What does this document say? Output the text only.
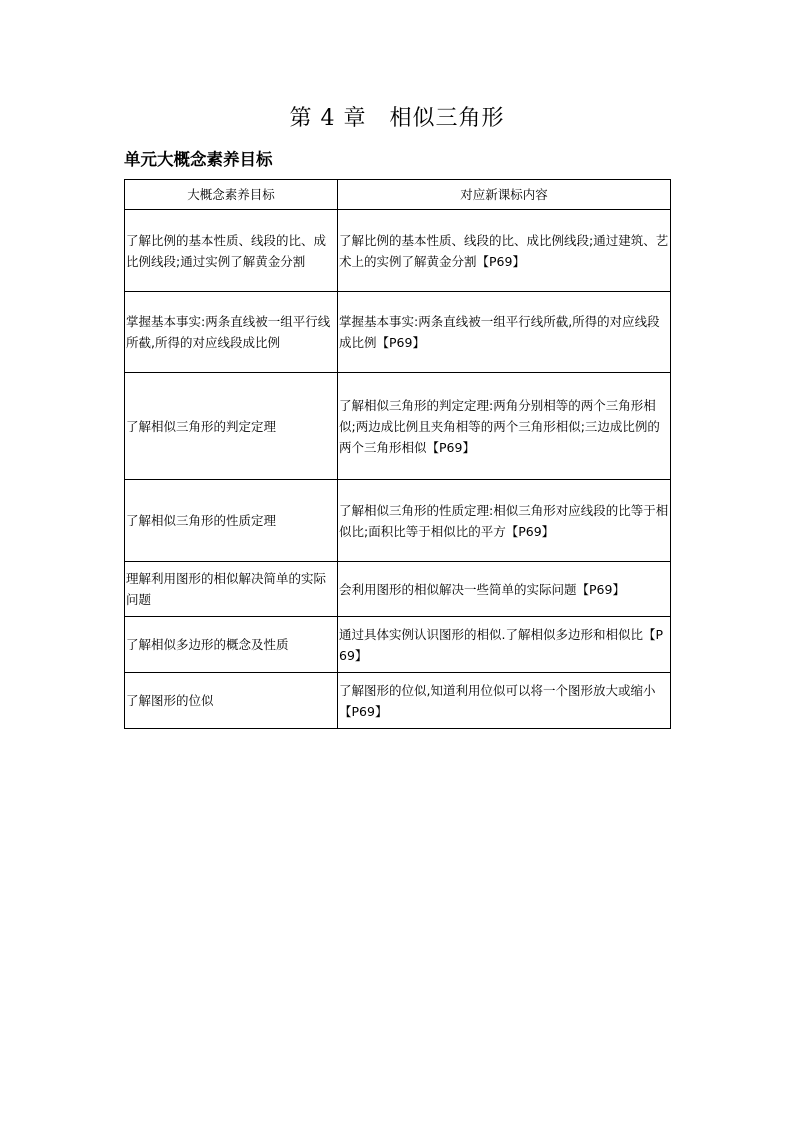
第 4 章　相似三角形
单元大概念素养目标
大概念素养目标	对应新课标内容
了解比例的基本性质、线段的比、成比例线段;通过实例了解黄金分割	了解比例的基本性质、线段的比、成比例线段;通过建筑、艺术上的实例了解黄金分割【P69】
掌握基本事实:两条直线被一组平行线所截,所得的对应线段成比例	掌握基本事实:两条直线被一组平行线所截,所得的对应线段成比例【P69】
了解相似三角形的判定定理	了解相似三角形的判定定理:两角分别相等的两个三角形相似;两边成比例且夹角相等的两个三角形相似;三边成比例的两个三角形相似【P69】
了解相似三角形的性质定理	了解相似三角形的性质定理:相似三角形对应线段的比等于相似比;面积比等于相似比的平方【P69】
理解利用图形的相似解决简单的实际问题	会利用图形的相似解决一些简单的实际问题【P69】
了解相似多边形的概念及性质	通过具体实例认识图形的相似.了解相似多边形和相似比【P69】
了解图形的位似	了解图形的位似,知道利用位似可以将一个图形放大或缩小【P69】
